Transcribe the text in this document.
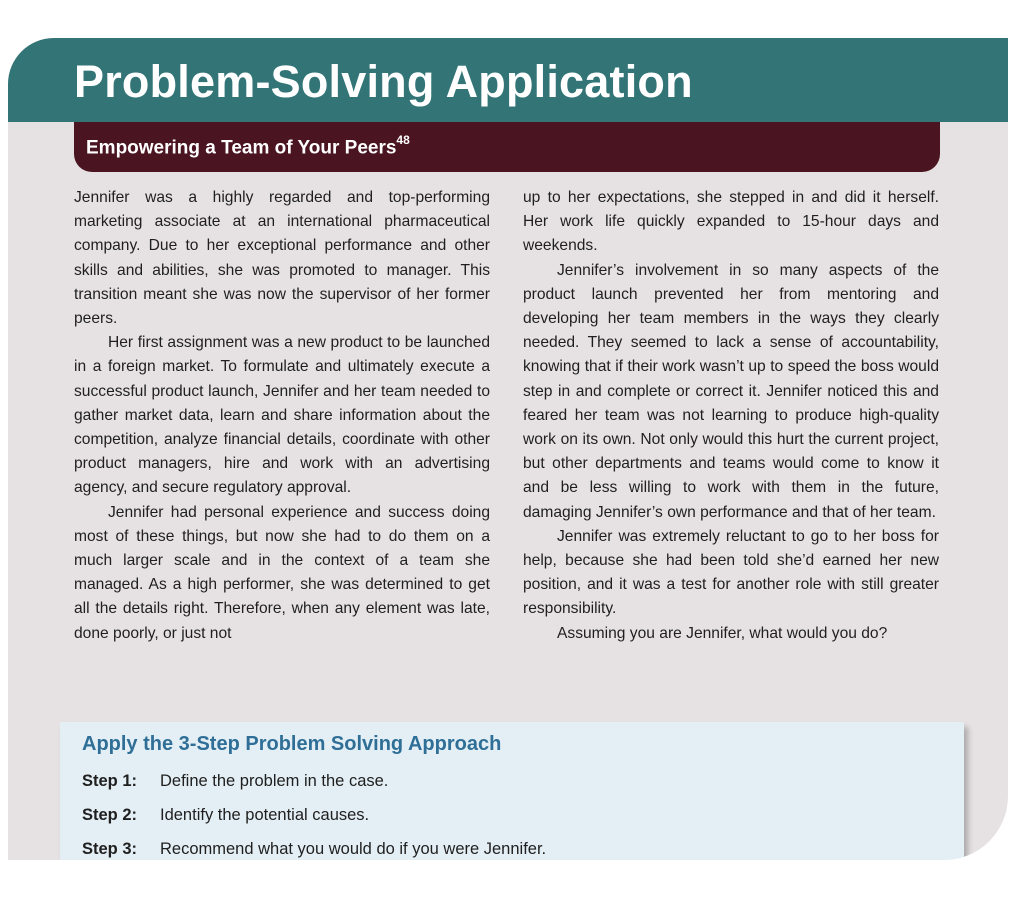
Problem-Solving Application
Empowering a Team of Your Peers$^{48}$

Jennifer was a highly regarded and top-performing marketing associate at an international pharmaceutical company. Due to her exceptional performance and other skills and abilities, she was promoted to manager. This transition meant she was now the supervisor of her former peers.

Her first assignment was a new product to be launched in a foreign market. To formulate and ultimately execute a successful product launch, Jennifer and her team needed to gather market data, learn and share information about the competition, analyze financial details, coordinate with other product managers, hire and work with an advertising agency, and secure regulatory approval.

Jennifer had personal experience and success doing most of these things, but now she had to do them on a much larger scale and in the context of a team she managed. As a high performer, she was determined to get all the details right. Therefore, when any element was late, done poorly, or just not

up to her expectations, she stepped in and did it herself. Her work life quickly expanded to 15-hour days and weekends.

Jennifer’s involvement in so many aspects of the product launch prevented her from mentoring and developing her team members in the ways they clearly needed. They seemed to lack a sense of accountability, knowing that if their work wasn’t up to speed the boss would step in and complete or correct it. Jennifer noticed this and feared her team was not learning to produce high-quality work on its own. Not only would this hurt the current project, but other departments and teams would come to know it and be less willing to work with them in the future, damaging Jennifer’s own performance and that of her team.

Jennifer was extremely reluctant to go to her boss for help, because she had been told she’d earned her new position, and it was a test for another role with still greater responsibility.

Assuming you are Jennifer, what would you do?

Apply the 3-Step Problem Solving Approach
Step 1: Define the problem in the case.
Step 2: Identify the potential causes.
Step 3: Recommend what you would do if you were Jennifer.
